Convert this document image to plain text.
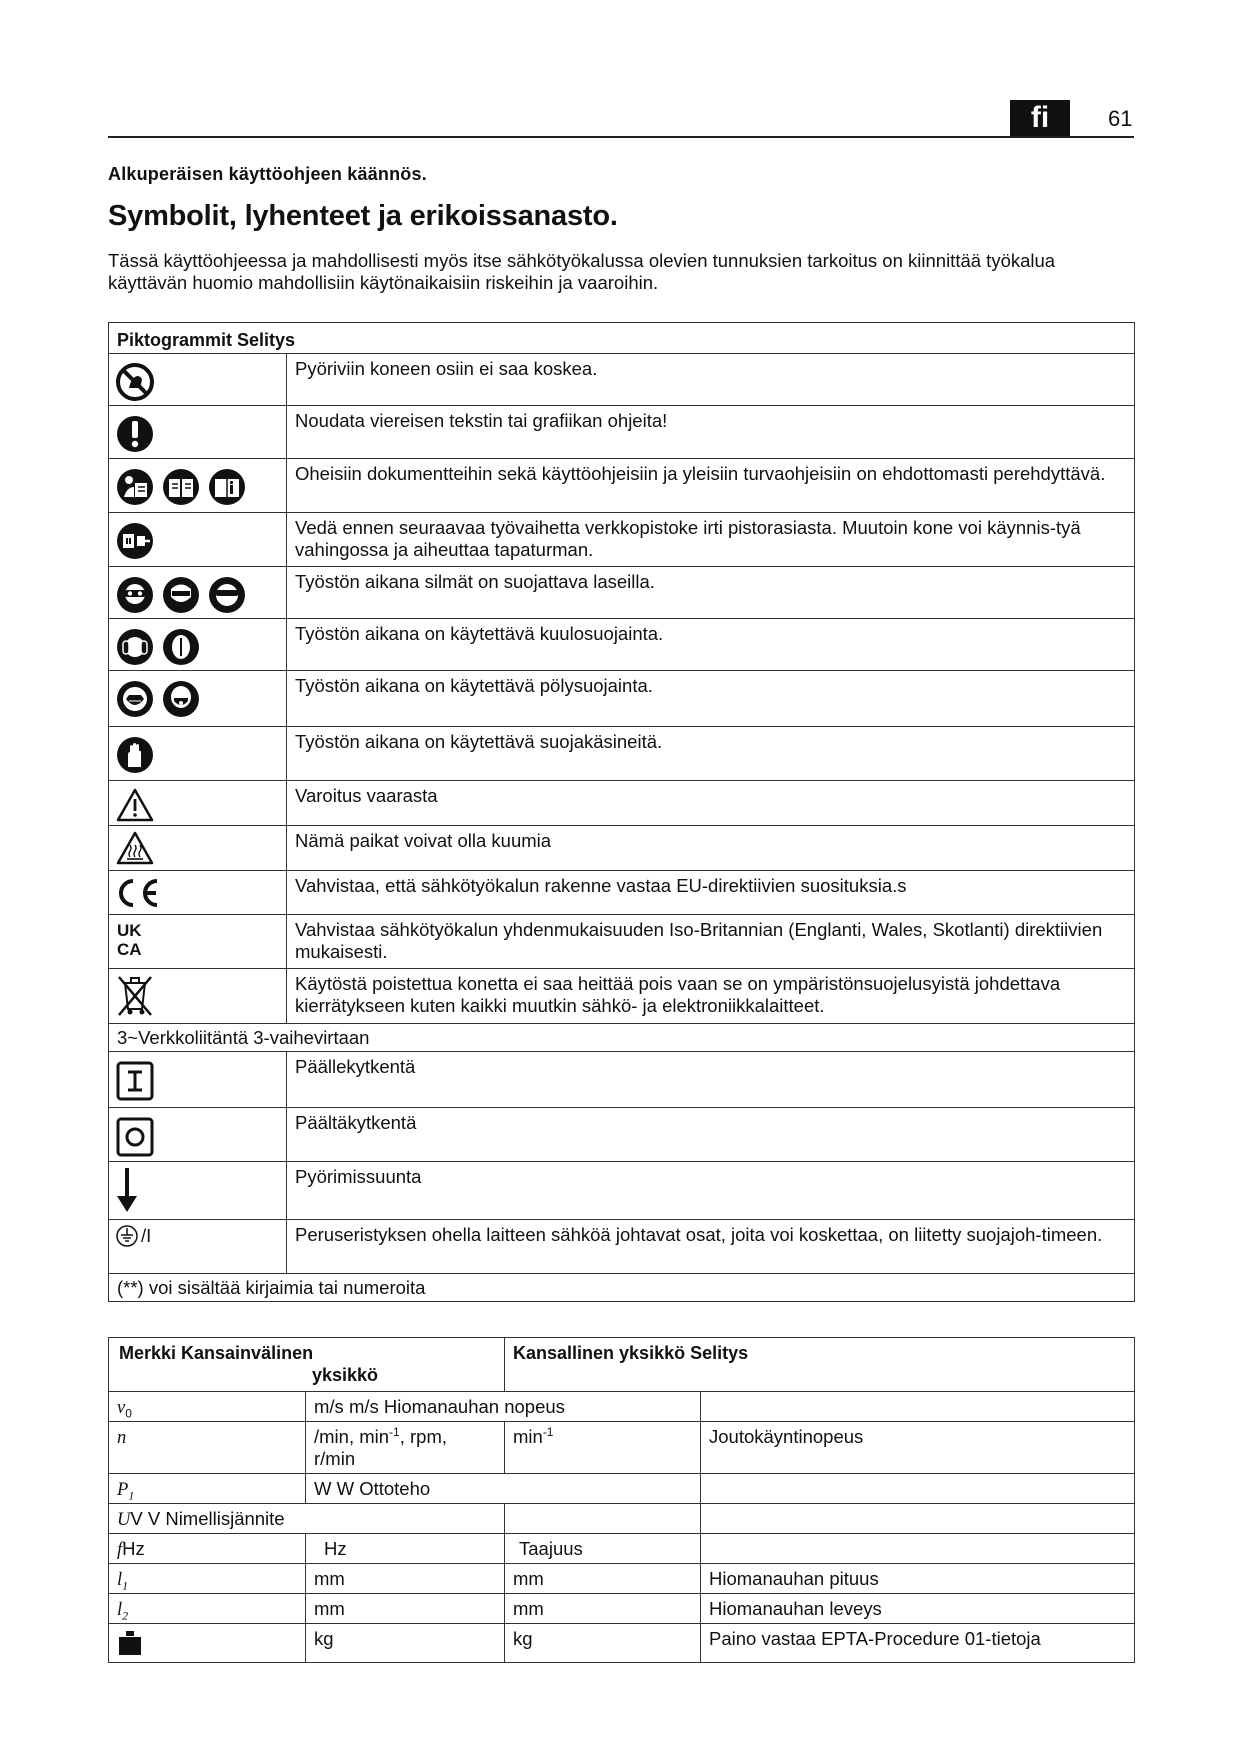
fi	61
Alkuperäisen käyttöohjeen käännös.
Symbolit, lyhenteet ja erikoissanasto.
Tässä käyttöohjeessa ja mahdollisesti myös itse sähkötyökalussa olevien tunnuksien tarkoitus on kiinnittää työkalua käyttävän huomio mahdollisiin käytönaikaisiin riskeihin ja vaaroihin.
Piktogrammit Selitys	

	Pyöriviin koneen osiin ei saa koskea.

	Noudata viereisen tekstin tai grafiikan ohjeita!

	Oheisiin dokumentteihin sekä käyttöohjeisiin ja yleisiin turvaohjeisiin on ehdottomasti perehdyttävä.

	Vedä ennen seuraavaa työvaihetta verkkopistoke irti pistorasiasta. Muutoin kone voi käynnis-tyä vahingossa ja aiheuttaa tapaturman.

	Työstön aikana silmät on suojattava laseilla.

	Työstön aikana on käytettävä kuulosuojainta.

	Työstön aikana on käytettävä pölysuojainta.

	Työstön aikana on käytettävä suojakäsineitä.

	Varoitus vaarasta

	Nämä paikat voivat olla kuumia

	Vahvistaa, että sähkötyökalun rakenne vastaa EU-direktiivien suosituksia.s

UK
CA	Vahvistaa sähkötyökalun yhdenmukaisuuden Iso-Britannian (Englanti, Wales, Skotlanti) direktiivien mukaisesti.

	Käytöstä poistettua konetta ei saa heittää pois vaan se on ympäristönsuojelusyistä johdettava kierrätykseen kuten kaikki muutkin sähkö- ja elektroniikkalaitteet.
3~Verkkoliitäntä 3-vaihevirtaan	

	Päällekytkentä

	Päältäkytkentä

	Pyörimissuunta

/I	Peruseristyksen ohella laitteen sähköä johtavat osat, joita voi koskettaa, on liitetty suojajoh-timeen.
(**) voi sisältää kirjaimia tai numeroita	
Merkki Kansainvälinen
yksikkö		Kansallinen yksikkö Selitys	
$v_0$	m/s m/s Hiomanauhan nopeus		
n	/min, $\min^{-1}$, rpm,
r/min	$\min^{-1}$	Joutokäyntinopeus
$P_1$	W W Ottoteho		
UV V Nimellisjännite			
fHz	Hz	Taajuus	
$l_1$	mm	mm	Hiomanauhan pituus
$l_2$	mm	mm	Hiomanauhan leveys
	kg	kg	Paino vastaa EPTA-Procedure 01-tietoja
